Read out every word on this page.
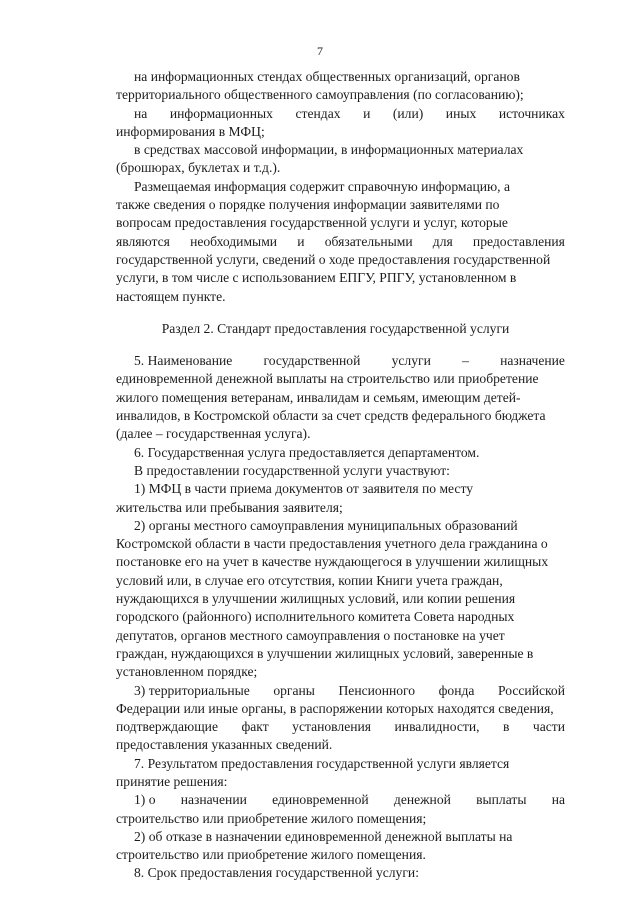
7
на информационных стендах общественных организаций, органов
территориального общественного самоуправления (по согласованию);
на информационных стендах и (или) иных источниках
информирования в МФЦ;
в средствах массовой информации, в информационных материалах
(брошюрах, буклетах и т.д.).
Размещаемая информация содержит справочную информацию, а
также сведения о порядке получения информации заявителями по
вопросам предоставления государственной услуги и услуг, которые
являются необходимыми и обязательными для предоставления
государственной услуги, сведений о ходе предоставления государственной
услуги, в том числе с использованием ЕПГУ, РПГУ, установленном в
настоящем пункте.
Раздел 2. Стандарт предоставления государственной услуги
5. Наименование государственной услуги – назначение
единовременной денежной выплаты на строительство или приобретение
жилого помещения ветеранам, инвалидам и семьям, имеющим детей-
инвалидов, в Костромской области за счет средств федерального бюджета
(далее – государственная услуга).
6. Государственная услуга предоставляется департаментом.
В предоставлении государственной услуги участвуют:
1) МФЦ в части приема документов от заявителя по месту
жительства или пребывания заявителя;
2) органы местного самоуправления муниципальных образований
Костромской области в части предоставления учетного дела гражданина о
постановке его на учет в качестве нуждающегося в улучшении жилищных
условий или, в случае его отсутствия, копии Книги учета граждан,
нуждающихся в улучшении жилищных условий, или копии решения
городского (районного) исполнительного комитета Совета народных
депутатов, органов местного самоуправления о постановке на учет
граждан, нуждающихся в улучшении жилищных условий, заверенные в
установленном порядке;
3) территориальные органы Пенсионного фонда Российской
Федерации или иные органы, в распоряжении которых находятся сведения,
подтверждающие факт установления инвалидности, в части
предоставления указанных сведений.
7. Результатом предоставления государственной услуги является
принятие решения:
1) о назначении единовременной денежной выплаты на
строительство или приобретение жилого помещения;
2) об отказе в назначении единовременной денежной выплаты на
строительство или приобретение жилого помещения.
8. Срок предоставления государственной услуги:
